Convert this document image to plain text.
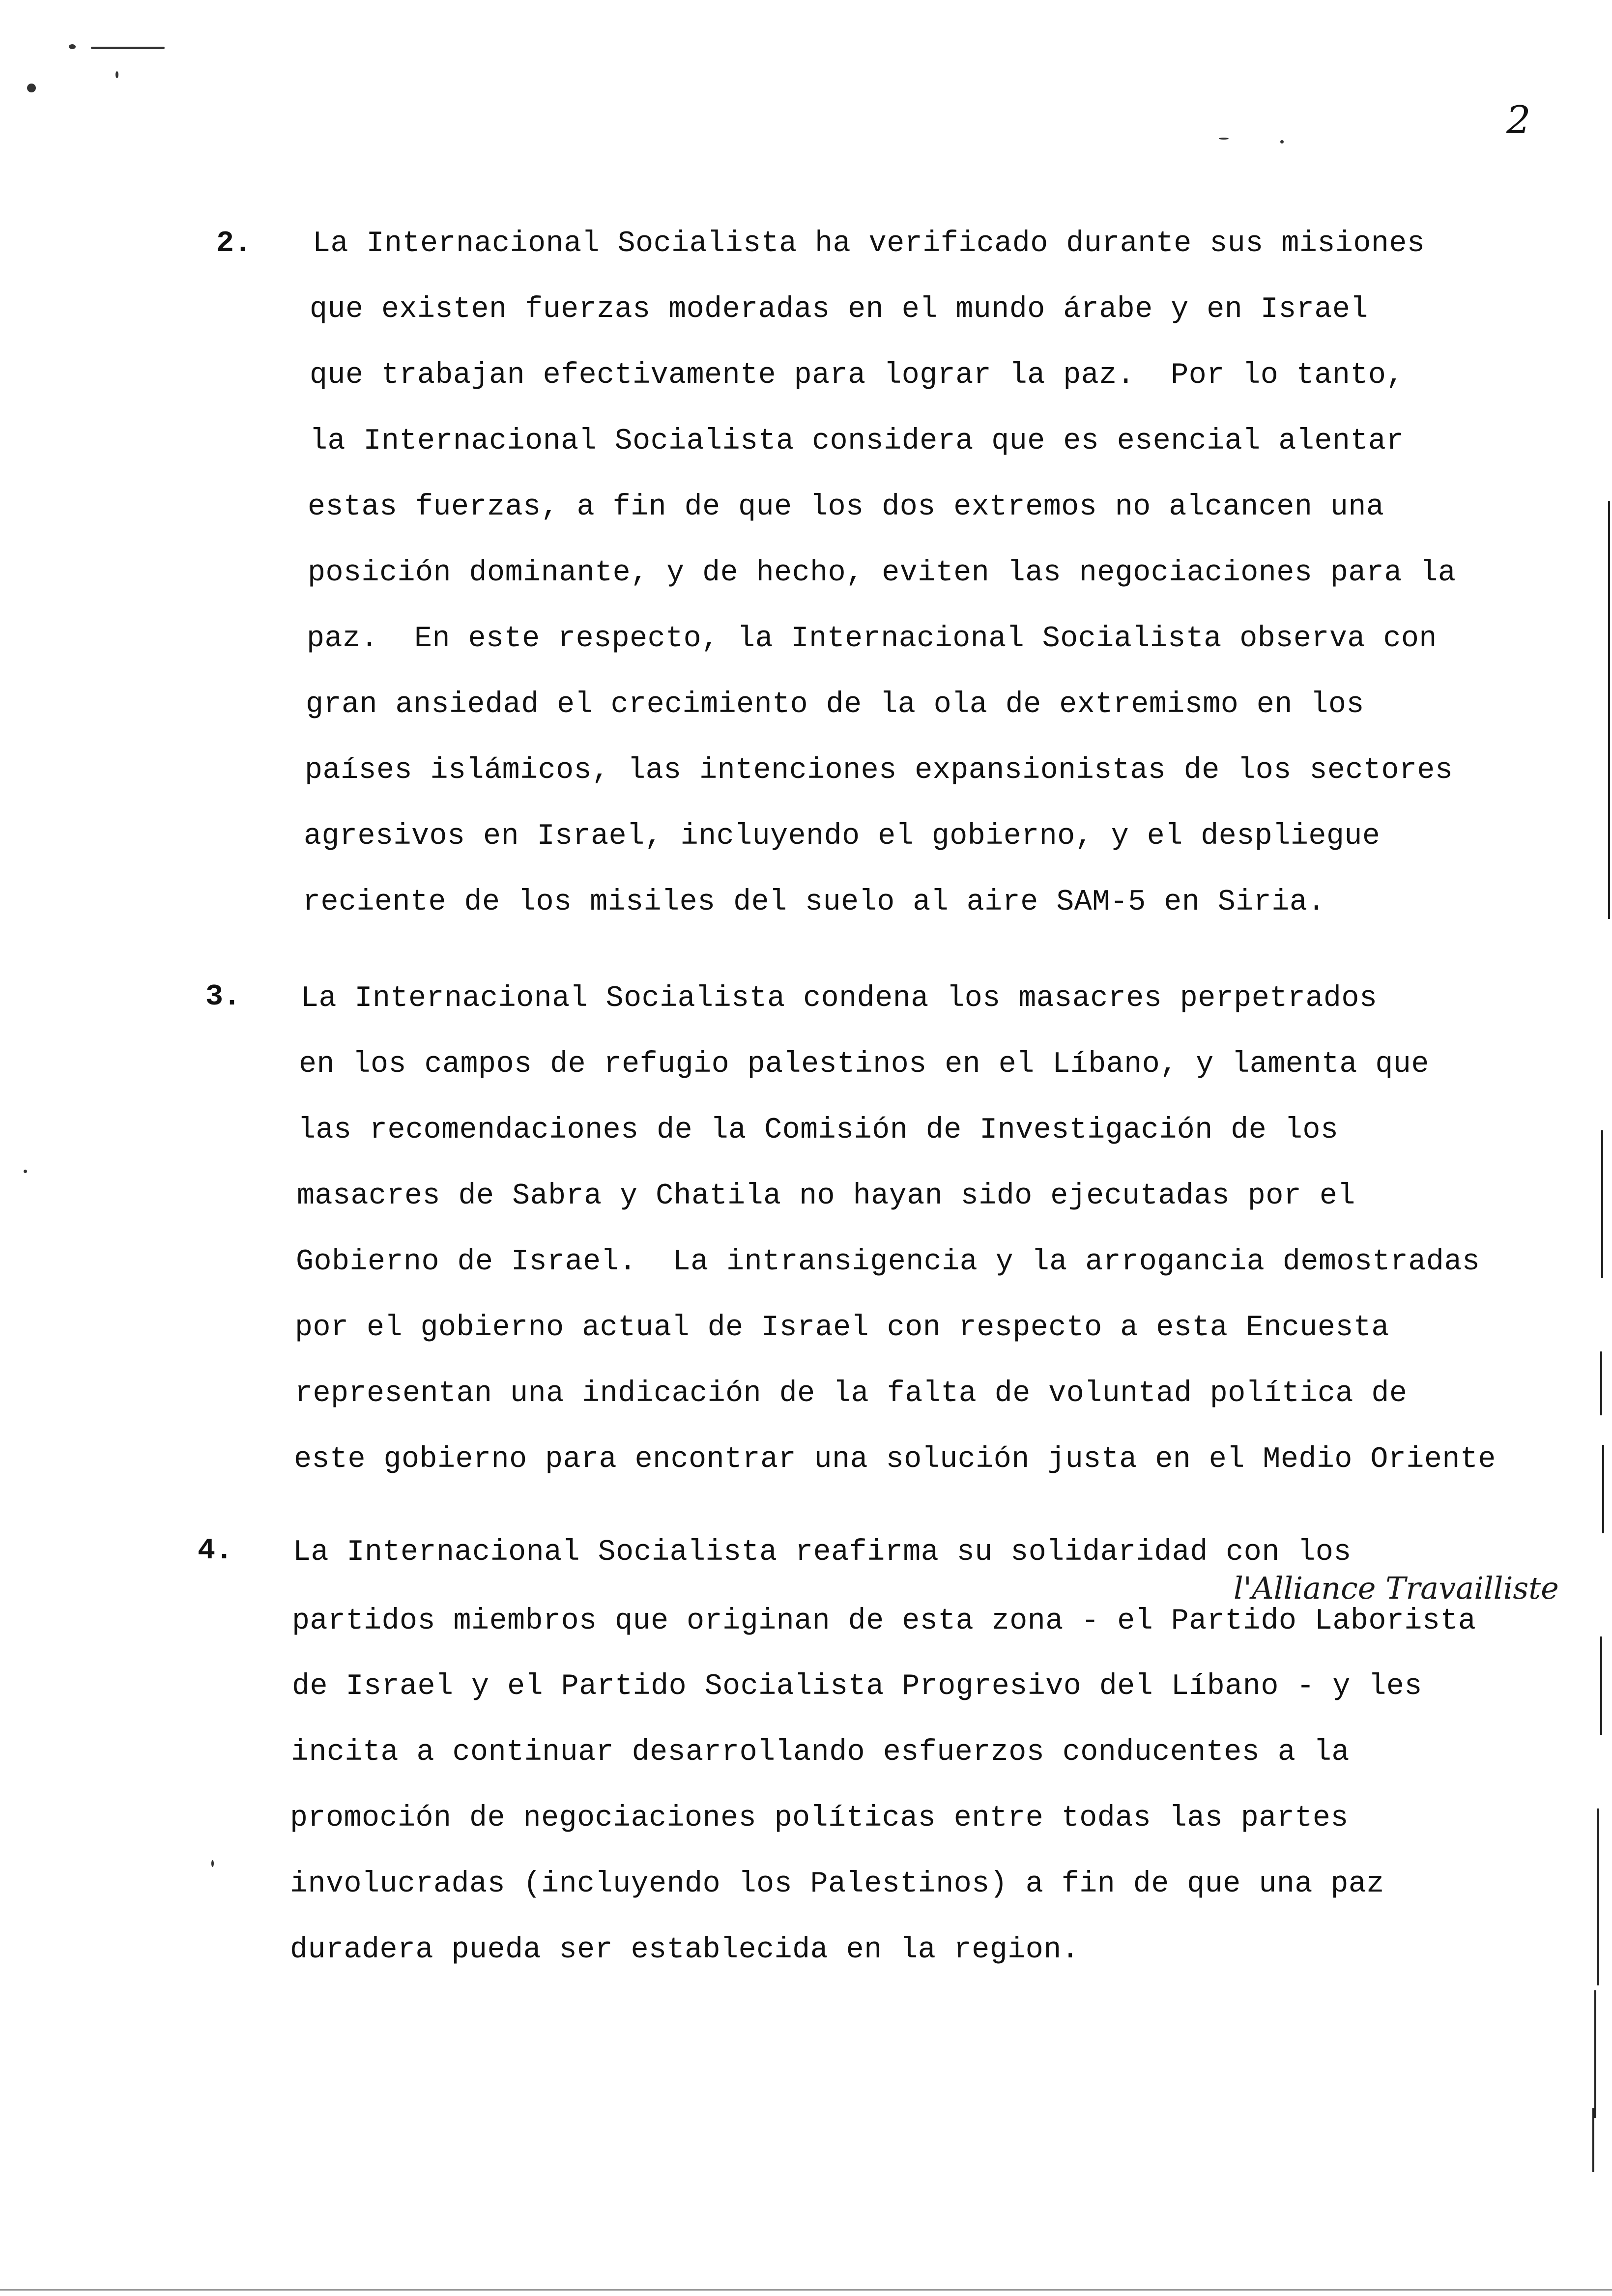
2
2. La Internacional Socialista ha verificado durante sus misiones
que existen fuerzas moderadas en el mundo árabe y en Israel
que trabajan efectivamente para lograr la paz.  Por lo tanto,
la Internacional Socialista considera que es esencial alentar
estas fuerzas, a fin de que los dos extremos no alcancen una
posición dominante, y de hecho, eviten las negociaciones para la
paz.  En este respecto, la Internacional Socialista observa con
gran ansiedad el crecimiento de la ola de extremismo en los
países islámicos, las intenciones expansionistas de los sectores
agresivos en Israel, incluyendo el gobierno, y el despliegue
reciente de los misiles del suelo al aire SAM-5 en Siria.
3. La Internacional Socialista condena los masacres perpetrados
en los campos de refugio palestinos en el Líbano, y lamenta que
las recomendaciones de la Comisión de Investigación de los
masacres de Sabra y Chatila no hayan sido ejecutadas por el
Gobierno de Israel.  La intransigencia y la arrogancia demostradas
por el gobierno actual de Israel con respecto a esta Encuesta
representan una indicación de la falta de voluntad política de
este gobierno para encontrar una solución justa en el Medio Oriente
4. La Internacional Socialista reafirma su solidaridad con los
partidos miembros que originan de esta zona - el Partido Laborista
de Israel y el Partido Socialista Progresivo del Líbano - y les
incita a continuar desarrollando esfuerzos conducentes a la
promoción de negociaciones políticas entre todas las partes
involucradas (incluyendo los Palestinos) a fin de que una paz
duradera pueda ser establecida en la region.
l'Alliance Travailliste
